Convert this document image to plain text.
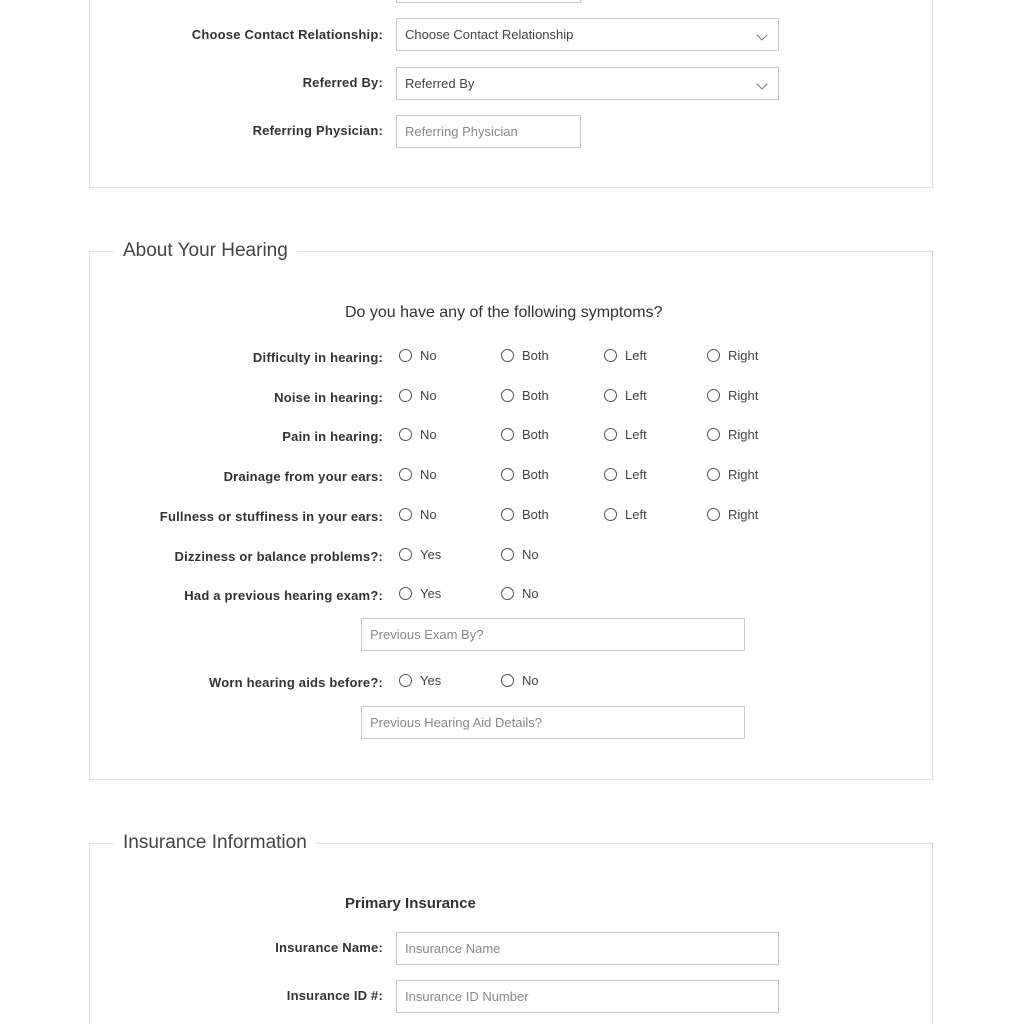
Choose Contact Relationship: Choose Contact Relationship
Referred By: Referred By
Referring Physician:
Referring Physician
About Your Hearing
Do you have any of the following symptoms?
Difficulty in hearing:	No	Both	Left	Right
Noise in hearing:	No	Both	Left	Right
Pain in hearing:	No	Both	Left	Right
Drainage from your ears:	No	Both	Left	Right
Fullness or stuffiness in your ears:	No	Both	Left	Right
Dizziness or balance problems?:	Yes	No
Had a previous hearing exam?:	Yes	No
Previous Exam By?
Worn hearing aids before?:	Yes	No
Previous Hearing Aid Details?
Insurance Information
Primary Insurance
Insurance Name:
Insurance Name
Insurance ID #:
Insurance ID Number
